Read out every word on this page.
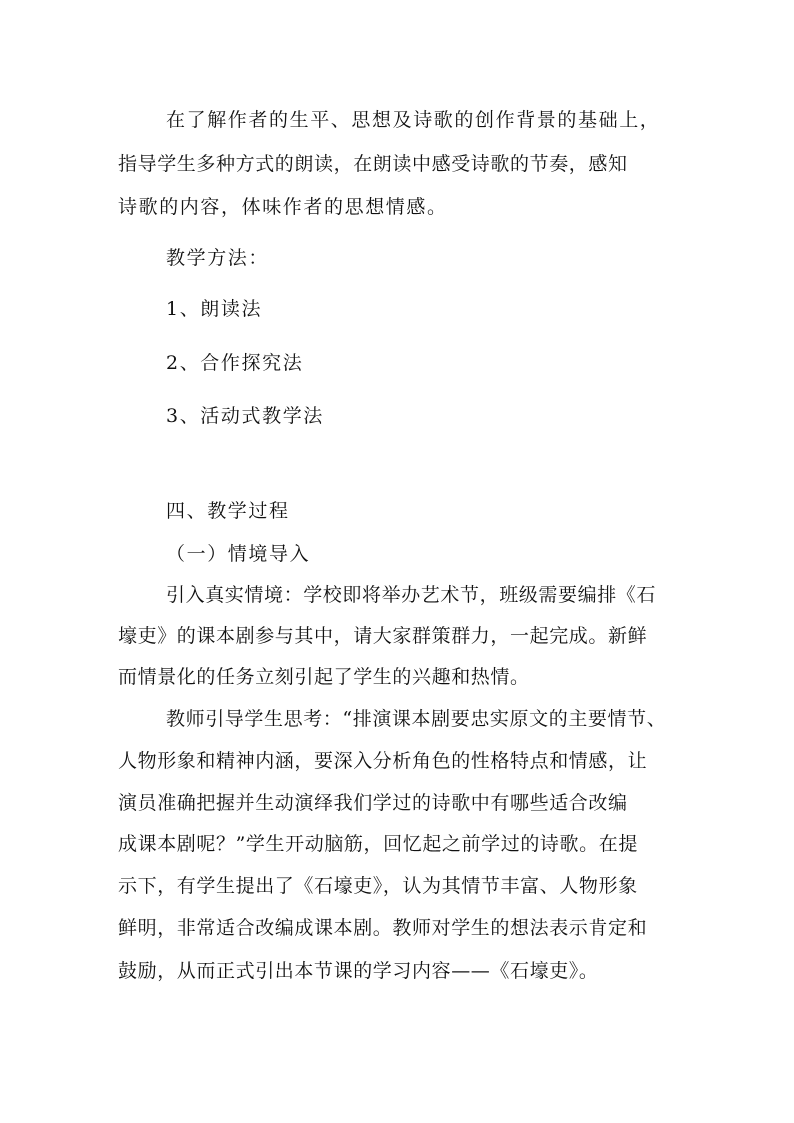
在了解作者的生平、思想及诗歌的创作背景的基础上，
指导学生多种方式的朗读，在朗读中感受诗歌的节奏，感知
诗歌的内容，体味作者的思想情感。
教学方法：
1、朗读法
2、合作探究法
3、活动式教学法
四、教学过程
（一）情境导入
引入真实情境：学校即将举办艺术节，班级需要编排《石
壕吏》的课本剧参与其中，请大家群策群力，一起完成。新鲜
而情景化的任务立刻引起了学生的兴趣和热情。
教师引导学生思考：“排演课本剧要忠实原文的主要情节、
人物形象和精神内涵，要深入分析角色的性格特点和情感，让
演员准确把握并生动演绎我们学过的诗歌中有哪些适合改编
成课本剧呢？”学生开动脑筋，回忆起之前学过的诗歌。在提
示下，有学生提出了《石壕吏》，认为其情节丰富、人物形象
鲜明，非常适合改编成课本剧。教师对学生的想法表示肯定和
鼓励，从而正式引出本节课的学习内容——《石壕吏》。
